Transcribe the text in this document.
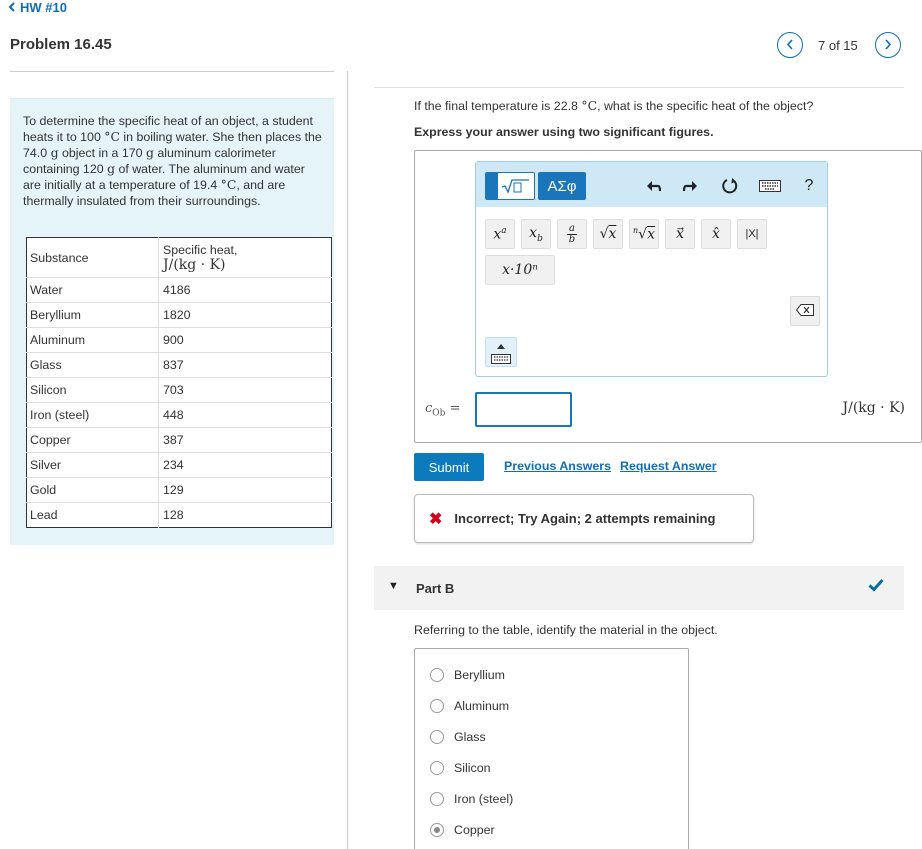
HW #10
Problem 16.45	7 of 15
To determine the specific heat of an object, a student heats it to 100 °C in boiling water. She then places the 74.0 g object in a 170 g aluminum calorimeter containing 120 g of water. The aluminum and water are initially at a temperature of 19.4 °C, and are thermally insulated from their surroundings.
Substance	Specific heat,
J/(kg · K)

Water	4186
Beryllium	1820
Aluminum	900
Glass	837
Silicon	703
Iron (steel)	448
Copper	387
Silver	234
Gold	129
Lead	128
If the final temperature is 22.8 °C, what is the specific heat of the object?
Express your answer using two significant figures.
ΑΣφ	?
$x^a$ $x_b$
a
b √x $^n$√x x x |X|
x·10ⁿ
$c_{Ob}$ =	J/(kg · K)
Submit	Previous Answers Request Answer
✖ Incorrect; Try Again; 2 attempts remaining
▼ Part B
Referring to the table, identify the material in the object.
Beryllium
Aluminum
Glass
Silicon
Iron (steel)
Copper
